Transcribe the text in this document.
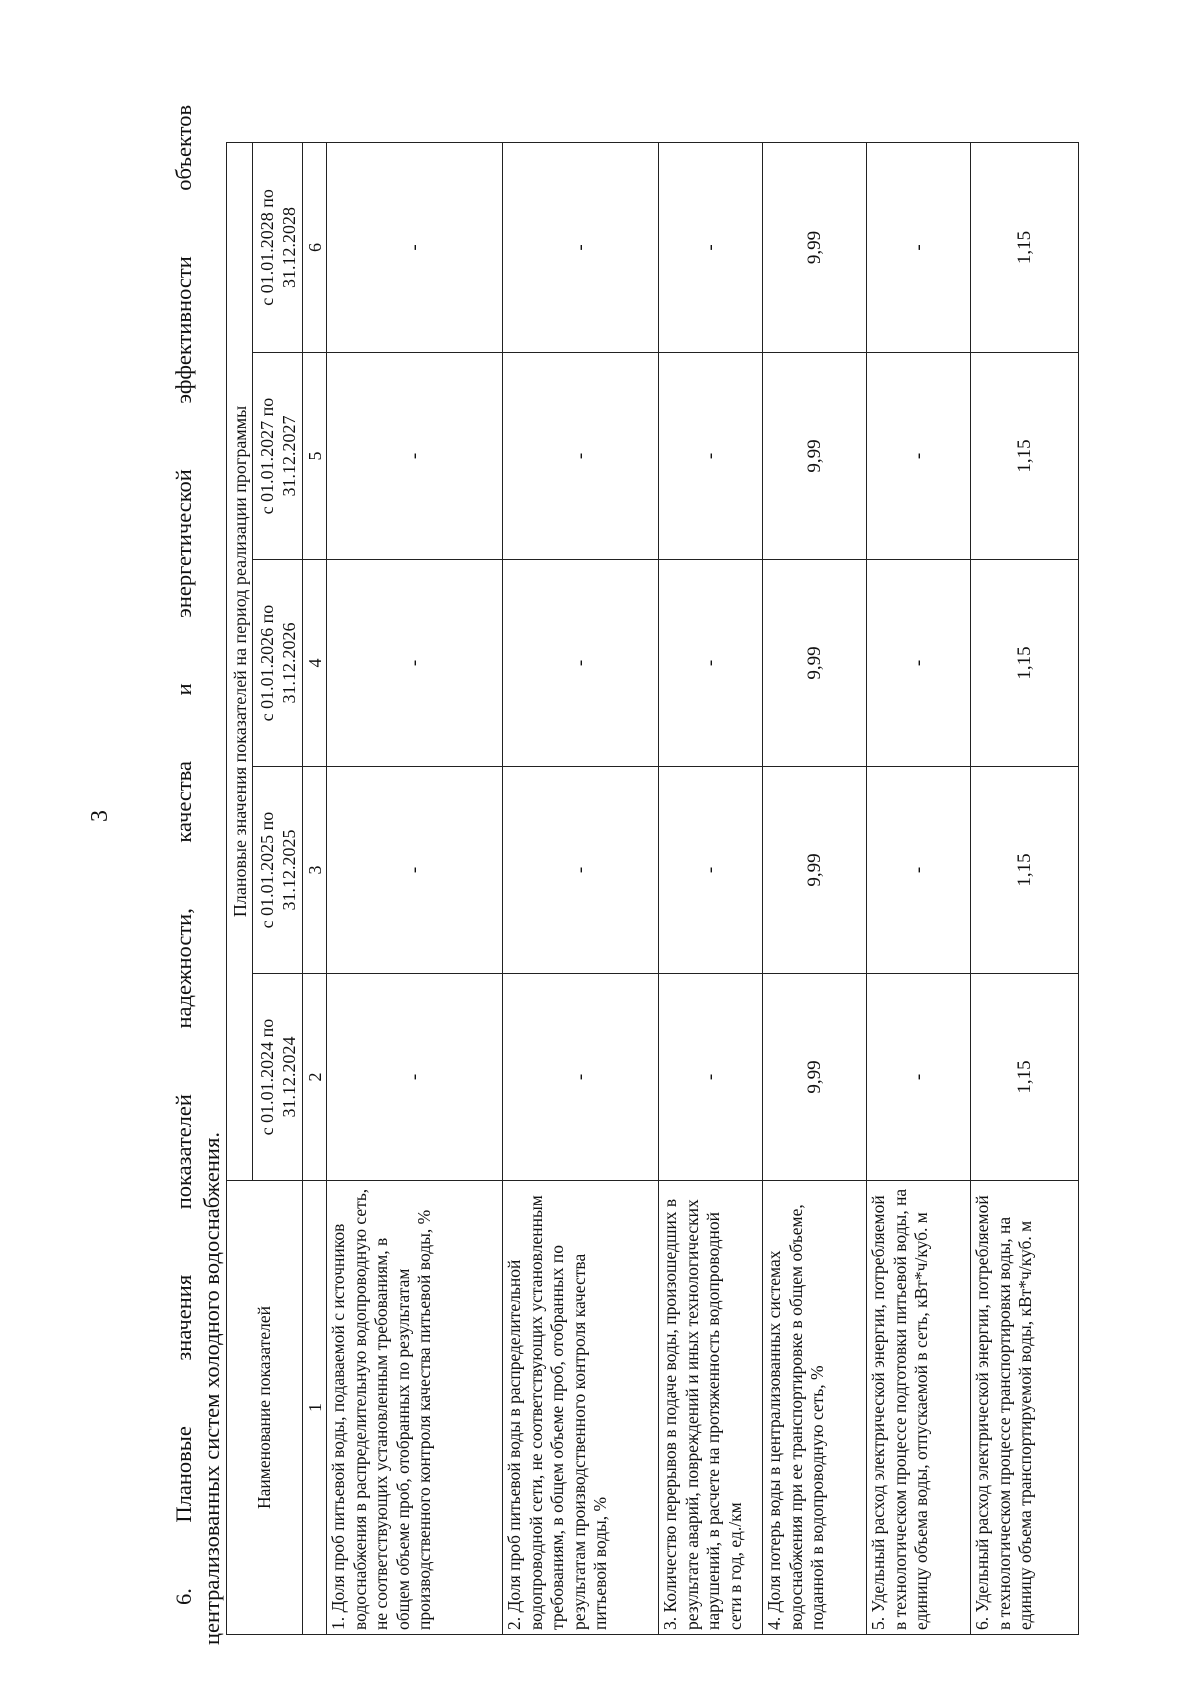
3
6. Плановые значения показателей надежности, качества и энергетической эффективности объектов
централизованных систем холодного водоснабжения. Наименование показателей	Плановые значения показателей на период реализации программы				
	с 01.01.2024 по 31.12.2024	с 01.01.2025 по 31.12.2025	с 01.01.2026 по 31.12.2026	с 01.01.2027 по 31.12.2027	с 01.01.2028 по 31.12.2028
1	2	3	4	5	6
1. Доля проб питьевой воды, подаваемой с источников водоснабжения в распределительную водопроводную сеть, не соответствующих установленным требованиям, в общем объеме проб, отобранных по результатам производственного контроля качества питьевой воды, %	-	-	-	-	-
2. Доля проб питьевой воды в распределительной водопроводной сети, не соответствующих установленным требованиям, в общем объеме проб, отобранных по результатам производственного контроля качества питьевой воды, %	-	-	-	-	-
3. Количество перерывов в подаче воды, произошедших в результате аварий, повреждений и иных технологических нарушений, в расчете на протяженность водопроводной сети в год, ед./км	-	-	-	-	-
4. Доля потерь воды в централизованных системах водоснабжения при ее транспортировке в общем объеме, поданной в водопроводную сеть, %	9,99	9,99	9,99	9,99	9,99
5. Удельный расход электрической энергии, потребляемой в технологическом процессе подготовки питьевой воды, на единицу объема воды, отпускаемой в сеть, кВт*ч/куб. м	-	-	-	-	-
6. Удельный расход электрической энергии, потребляемой в технологическом процессе транспортировки воды, на единицу объема транспортируемой воды, кВт*ч/куб. м	1,15	1,15	1,15	1,15	1,15
